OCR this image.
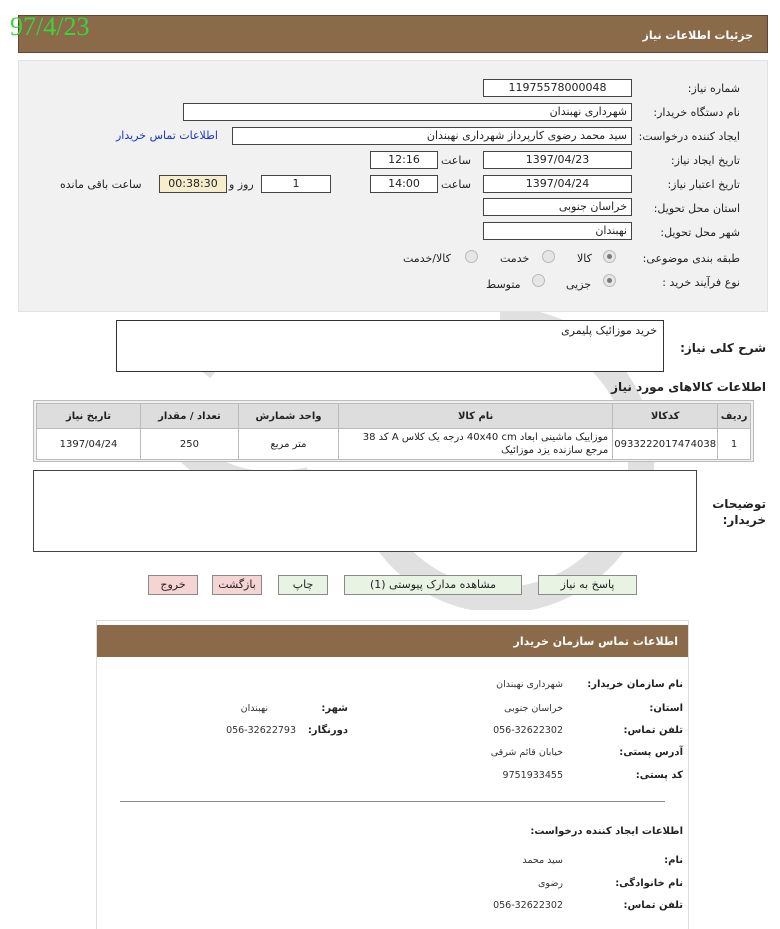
جزئیات اطلاعات نیاز
97/4/23
شماره نیاز:
11975578000048
نام دستگاه خریدار:
شهرداری نهبندان
ایجاد کننده درخواست:
سید محمد رضوی کارپرداز شهرداری نهبندان
اطلاعات تماس خریدار
تاریخ ایجاد نیاز:
1397/04/23
ساعت
12:16
تاریخ اعتبار نیاز:
1397/04/24
ساعت
14:00
1
روز و
00:38:30
ساعت باقی مانده
استان محل تحویل:
خراسان جنوبی
شهر محل تحویل:
نهبندان
طبقه بندی موضوعی:
کالا
خدمت
کالا/خدمت
نوع فرآیند خرید :
جزیی
متوسط
شرح کلی نیاز:
خرید موزائیک پلیمری
اطلاعات کالاهای مورد نیاز
ردیف	کدکالا	نام کالا	واحد شمارش	تعداد / مقدار	تاریخ نیاز
1	0933222017474038	موزاییک ماشینی ابعاد 40x40 cm درجه یک کلاس A کد 38 مرجع سازنده یزد موزائیک	متر مربع	250	1397/04/24
توضیحات خریدار:
پاسخ به نیاز
مشاهده مدارک پیوستی (1)
چاپ
بازگشت
خروج
اطلاعات تماس سازمان خریدار
نام سازمان خریدار:
شهرداری نهبندان
استان:
خراسان جنوبی
شهر:
نهبندان
تلفن تماس:
056-32622302
دورنگار:
056-32622793
آدرس پستی:
خیابان قائم شرقی
کد پستی:
9751933455
اطلاعات ایجاد کننده درخواست:
نام:
سید محمد
نام خانوادگی:
رضوی
تلفن تماس:
056-32622302
